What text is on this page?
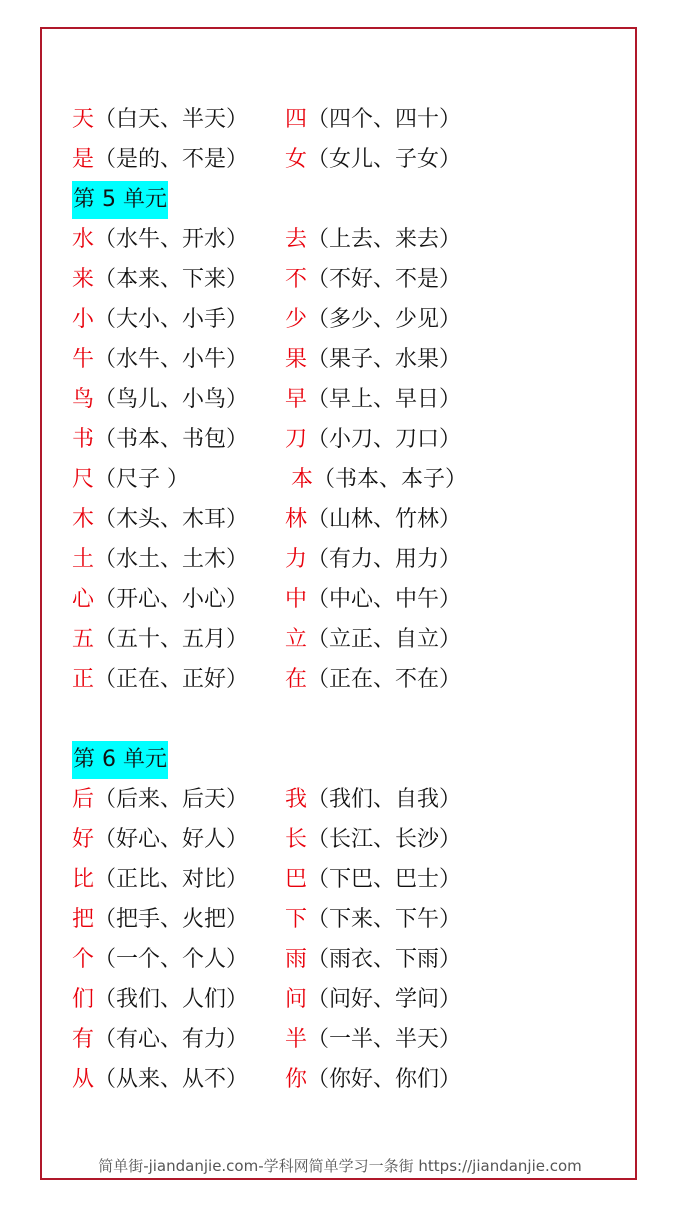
天（白天、半天） 四（四个、四十）
是（是的、不是） 女（女儿、子女）
第 5 单元
水（水牛、开水） 去（上去、来去）
来（本来、下来） 不（不好、不是）
小（大小、小手） 少（多少、少见）
牛（水牛、小牛） 果（果子、水果）
鸟（鸟儿、小鸟） 早（早上、早日）
书（书本、书包） 刀（小刀、刀口）
尺（尺子 ）	本（书本、本子）
木（木头、木耳） 林（山林、竹林）
土（水土、土木） 力（有力、用力）
心（开心、小心） 中（中心、中午）
五（五十、五月） 立（立正、自立）
正（正在、正好） 在（正在、不在）
第 6 单元
后（后来、后天） 我（我们、自我）
好（好心、好人） 长（长江、长沙）
比（正比、对比） 巴（下巴、巴士）
把（把手、火把） 下（下来、下午）
个（一个、个人） 雨（雨衣、下雨）
们（我们、人们） 问（问好、学问）
有（有心、有力） 半（一半、半天）
从（从来、从不） 你（你好、你们）
简单街-jiandanjie.com-学科网简单学习一条街 https://jiandanjie.com
